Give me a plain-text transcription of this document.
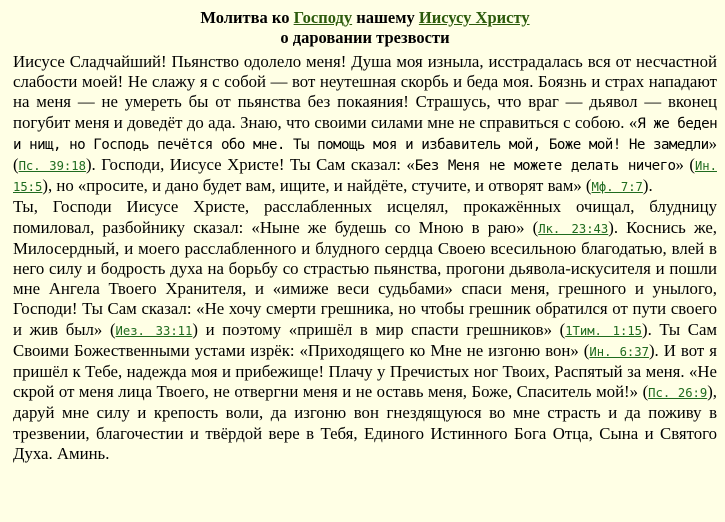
Молитва ко Господу нашему Иисусу Христу
о даровании трезвости

Иисусе Сладчайший! Пьянство одолело меня! Душа моя изныла, исстрадалась вся от несчастной слабости моей! Не слажу я с собой — вот неутешная скорбь и беда моя. Боязнь и страх нападают на меня — не умереть бы от пьянства без покаяния! Страшусь, что враг — дьявол — вконец погубит меня и доведёт до ада. Знаю, что своими силами мне не справиться с собою. «Я же беден и нищ, но Господь печётся обо мне. Ты помощь моя и избавитель мой, Боже мой! Не замедли» (Пс. 39:18). Господи, Иисусе Христе! Ты Сам сказал: «Без Меня не можете делать ничего» (Ин. 15:5), но «просите, и дано будет вам, ищите, и найдёте, стучите, и отворят вам» (Мф. 7:7).

Ты, Господи Иисусе Христе, расслабленных исцелял, прокажённых очищал, блудницу помиловал, разбойнику сказал: «Ныне же будешь со Мною в раю» (Лк. 23:43). Коснись же, Милосердный, и моего расслабленного и блудного сердца Своею всесильною благодатью, влей в него силу и бодрость духа на борьбу со страстью пьянства, прогони дьявола-искусителя и пошли мне Ангела Твоего Хранителя, и «имиже веси судьбами» спаси меня, грешного и унылого, Господи! Ты Сам сказал: «Не хочу смерти грешника, но чтобы грешник обратился от пути своего и жив был» (Иез. 33:11) и поэтому «пришёл в мир спасти грешников» (1Тим. 1:15). Ты Сам Своими Божественными устами изрёк: «Приходящего ко Мне не изгоню вон» (Ин. 6:37). И вот я пришёл к Тебе, надежда моя и прибежище! Плачу у Пречистых ног Твоих, Распятый за меня. «Не скрой от меня лица Твоего, не отвергни меня и не оставь меня, Боже, Спаситель мой!» (Пс. 26:9), даруй мне силу и крепость воли, да изгоню вон гнездящуюся во мне страсть и да поживу в трезвении, благочестии и твёрдой вере в Тебя, Единого Истинного Бога Отца, Сына и Святого Духа. Аминь.
